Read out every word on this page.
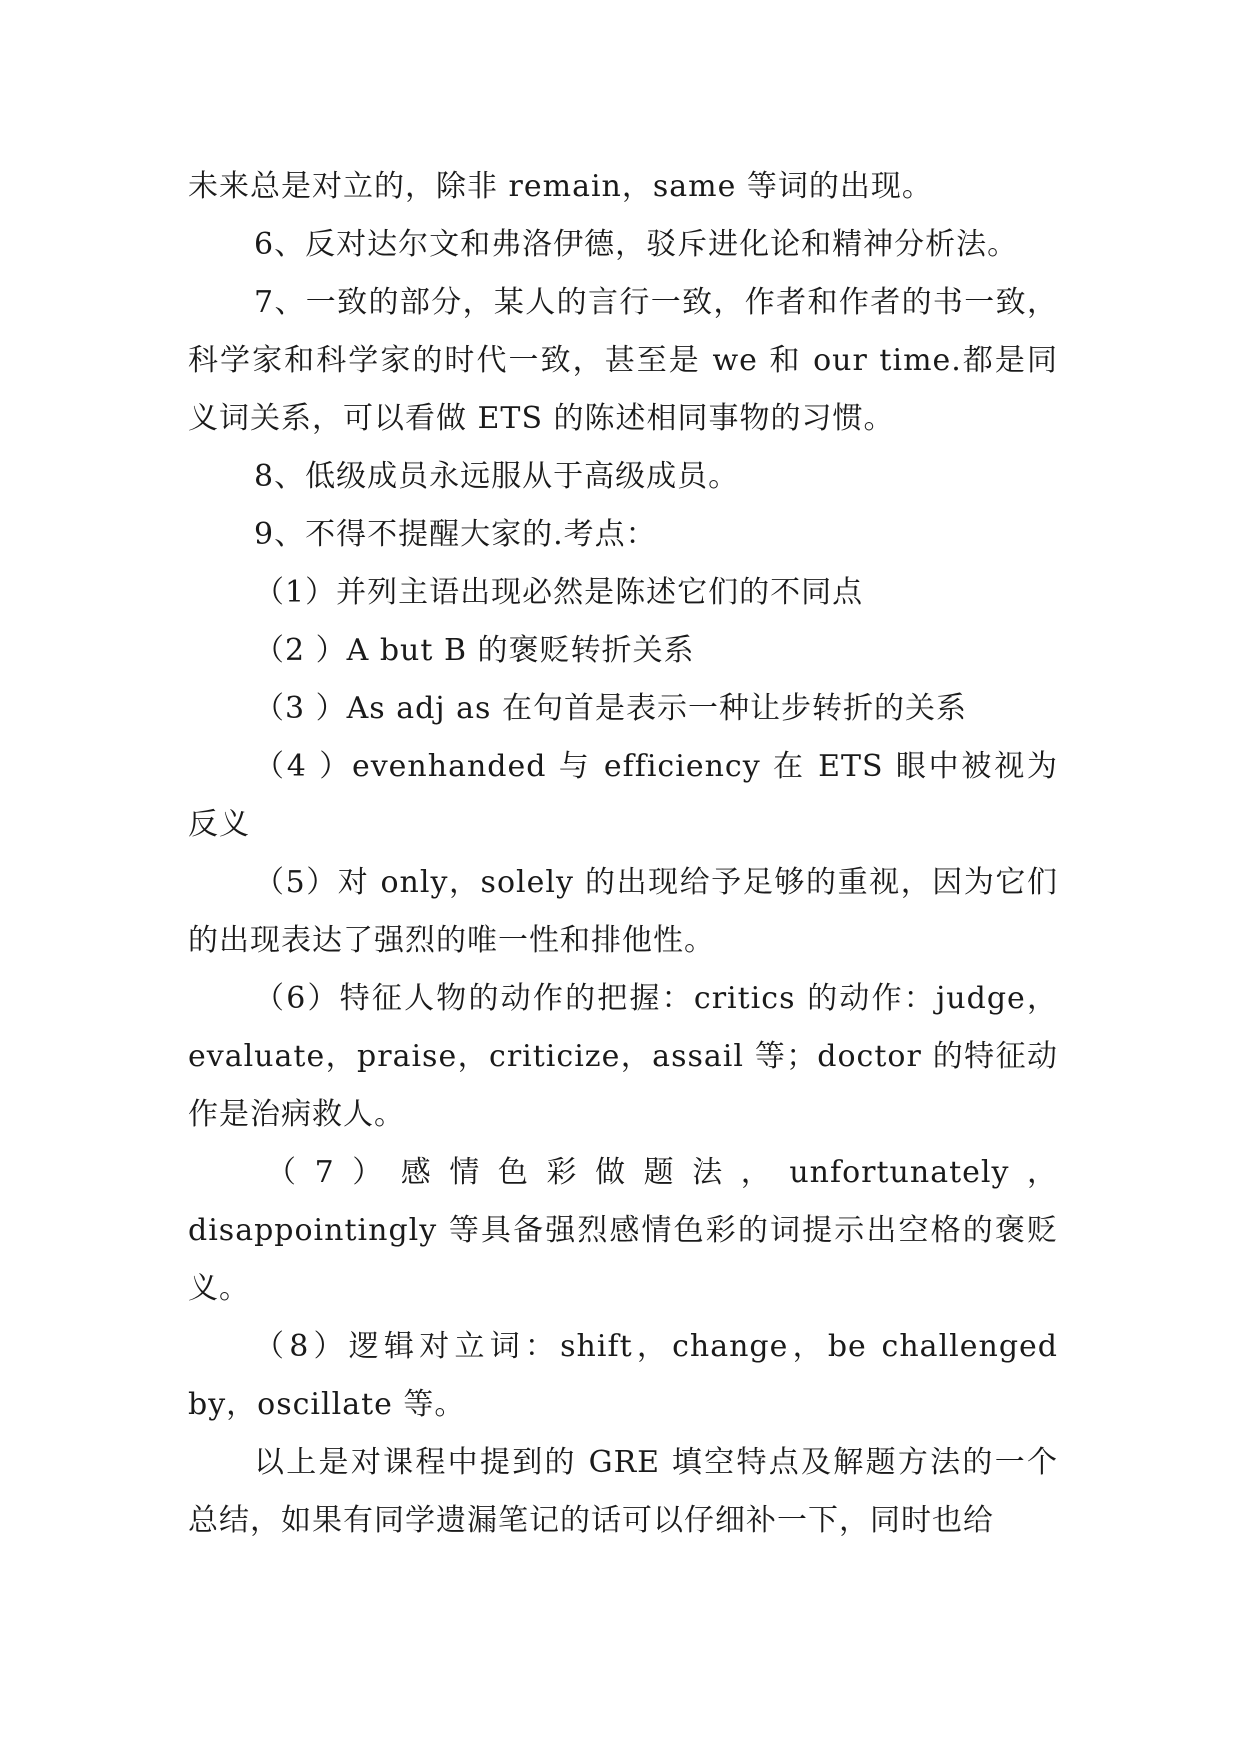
未来总是对立的，除非 remain，same 等词的出现。

6、反对达尔文和弗洛伊德，驳斥进化论和精神分析法。

7、一致的部分，某人的言行一致，作者和作者的书一致，科学家和科学家的时代一致，甚至是 we 和 our time.都是同义词关系，可以看做 ETS 的陈述相同事物的习惯。

8、低级成员永远服从于高级成员。

9、不得不提醒大家的.考点：

（1）并列主语出现必然是陈述它们的不同点

（2 ）A but B 的褒贬转折关系

（3 ）As adj as 在句首是表示一种让步转折的关系

（4 ）evenhanded 与 efficiency 在 ETS 眼中被视为反义

（5）对 only，solely 的出现给予足够的重视，因为它们的出现表达了强烈的唯一性和排他性。

（6）特征人物的动作的把握：critics 的动作：judge，evaluate，praise，criticize，assail 等；doctor 的特征动作是治病救人。

（7）感情色彩做题法，unfortunately，disappointingly 等具备强烈感情色彩的词提示出空格的褒贬义。

（8）逻辑对立词：shift，change，be challenged by，oscillate 等。

以上是对课程中提到的 GRE 填空特点及解题方法的一个总结，如果有同学遗漏笔记的话可以仔细补一下，同时也给
